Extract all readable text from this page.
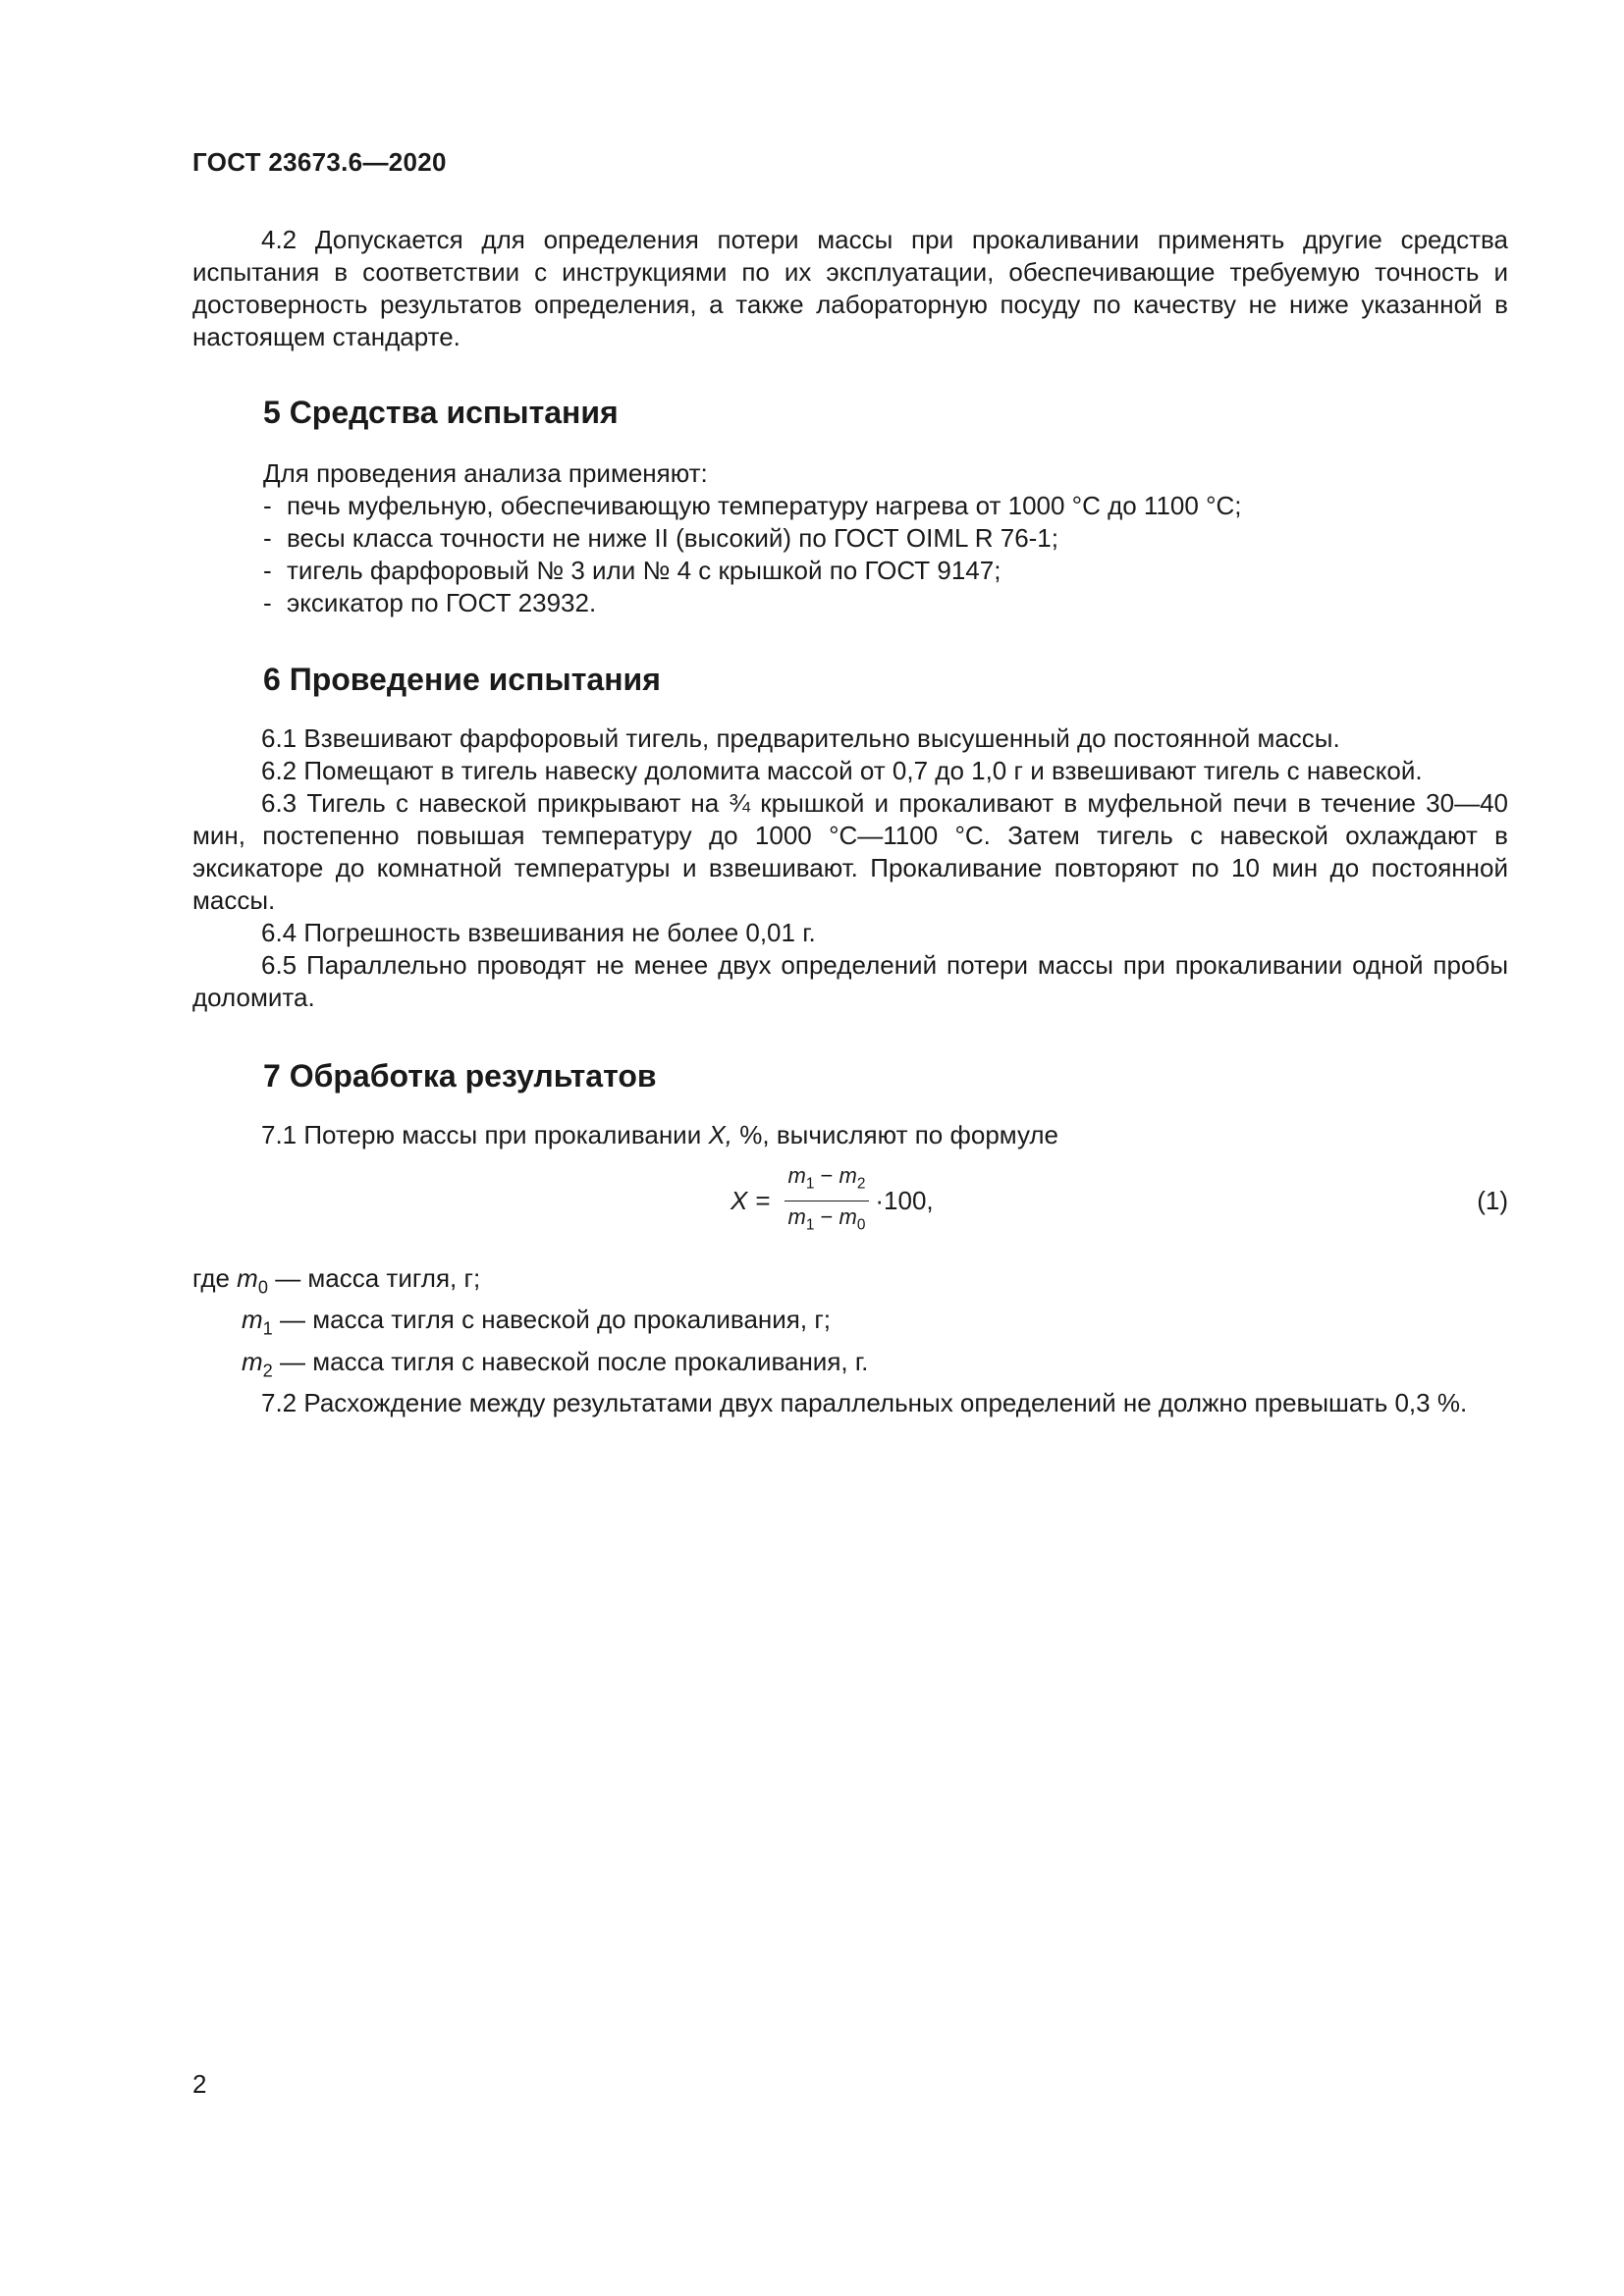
ГОСТ 23673.6—2020

4.2 Допускается для определения потери массы при прокаливании применять другие средства испытания в соответствии с инструкциями по их эксплуатации, обеспечивающие требуемую точность и достоверность результатов определения, а также лабораторную посуду по качеству не ниже указанной в настоящем стандарте.

5 Средства испытания

Для проведения анализа применяют:

- печь муфельную, обеспечивающую температуру нагрева от 1000 °С до 1100 °С;
- весы класса точности не ниже II (высокий) по ГОСТ OIML R 76-1;
- тигель фарфоровый № 3 или № 4 с крышкой по ГОСТ 9147;
- эксикатор по ГОСТ 23932.
6 Проведение испытания

6.1 Взвешивают фарфоровый тигель, предварительно высушенный до постоянной массы.

6.2 Помещают в тигель навеску доломита массой от 0,7 до 1,0 г и взвешивают тигель с навеской.

6.3 Тигель с навеской прикрывают на ¾ крышкой и прокаливают в муфельной печи в течение 30—40 мин, постепенно повышая температуру до 1000 °С—1100 °С. Затем тигель с навеской охлаждают в эксикаторе до комнатной температуры и взвешивают. Прокаливание повторяют по 10 мин до постоянной массы.

6.4 Погрешность взвешивания не более 0,01 г.

6.5 Параллельно проводят не менее двух определений потери массы при прокаливании одной пробы доломита.

7 Обработка результатов

7.1 Потерю массы при прокаливании X, %, вычисляют по формуле

$X = \frac{m_1 - m_2}{m_1 - m_0} \cdot 100$,	(1)
где $m_0$ — масса тигля, г;
$m_1$ — масса тигля с навеской до прокаливания, г;
$m_2$ — масса тигля с навеской после прокаливания, г.

7.2 Расхождение между результатами двух параллельных определений не должно превышать 0,3 %.

2
